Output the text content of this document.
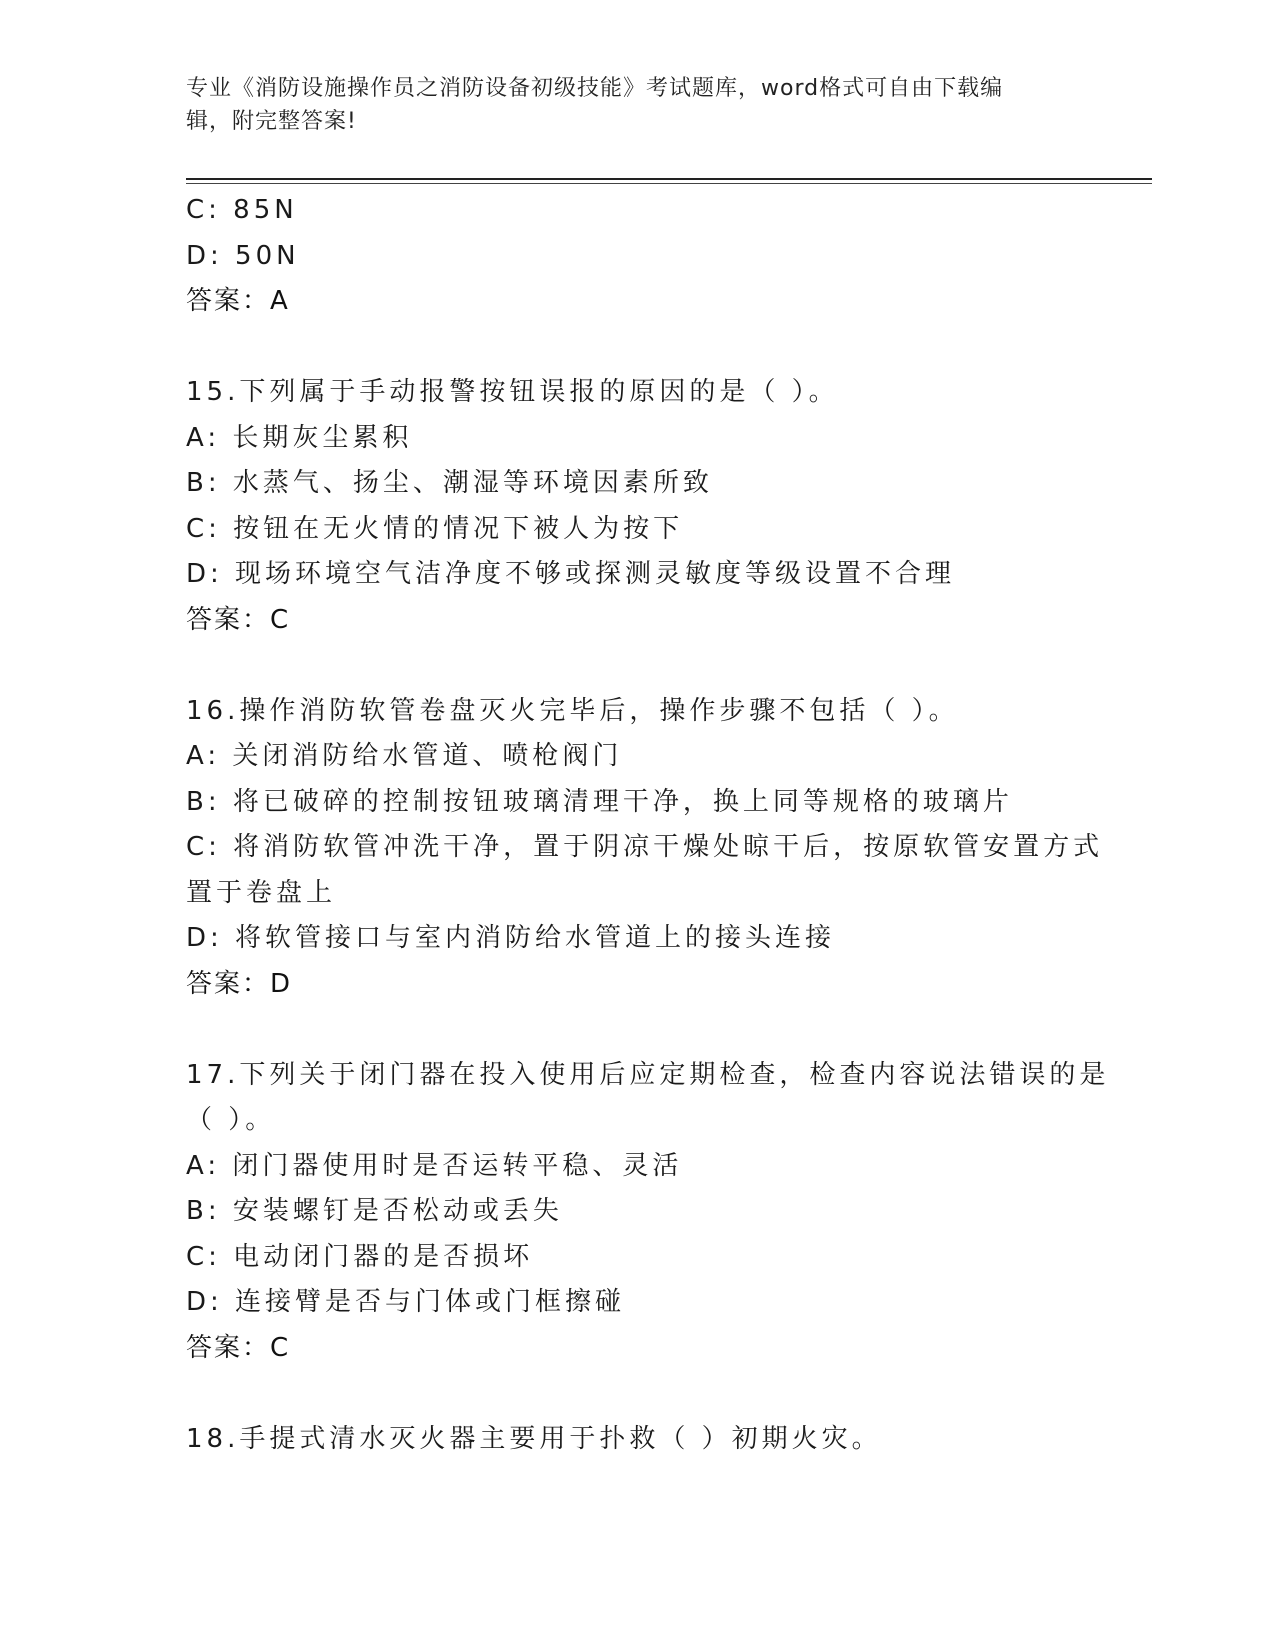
专业《消防设施操作员之消防设备初级技能》考试题库，word格式可自由下载编
辑，附完整答案!
C: 85N
D: 50N
答案：A
15.下列属于手动报警按钮误报的原因的是（ ）。
A: 长期灰尘累积
B: 水蒸气、扬尘、潮湿等环境因素所致
C: 按钮在无火情的情况下被人为按下
D: 现场环境空气洁净度不够或探测灵敏度等级设置不合理
答案：C
16.操作消防软管卷盘灭火完毕后，操作步骤不包括（ ）。
A: 关闭消防给水管道、喷枪阀门
B: 将已破碎的控制按钮玻璃清理干净，换上同等规格的玻璃片
C: 将消防软管冲洗干净，置于阴凉干燥处晾干后，按原软管安置方式
置于卷盘上
D: 将软管接口与室内消防给水管道上的接头连接
答案：D
17.下列关于闭门器在投入使用后应定期检查，检查内容说法错误的是
（ ）。
A: 闭门器使用时是否运转平稳、灵活
B: 安装螺钉是否松动或丢失
C: 电动闭门器的是否损坏
D: 连接臂是否与门体或门框擦碰
答案：C
18.手提式清水灭火器主要用于扑救（ ）初期火灾。
